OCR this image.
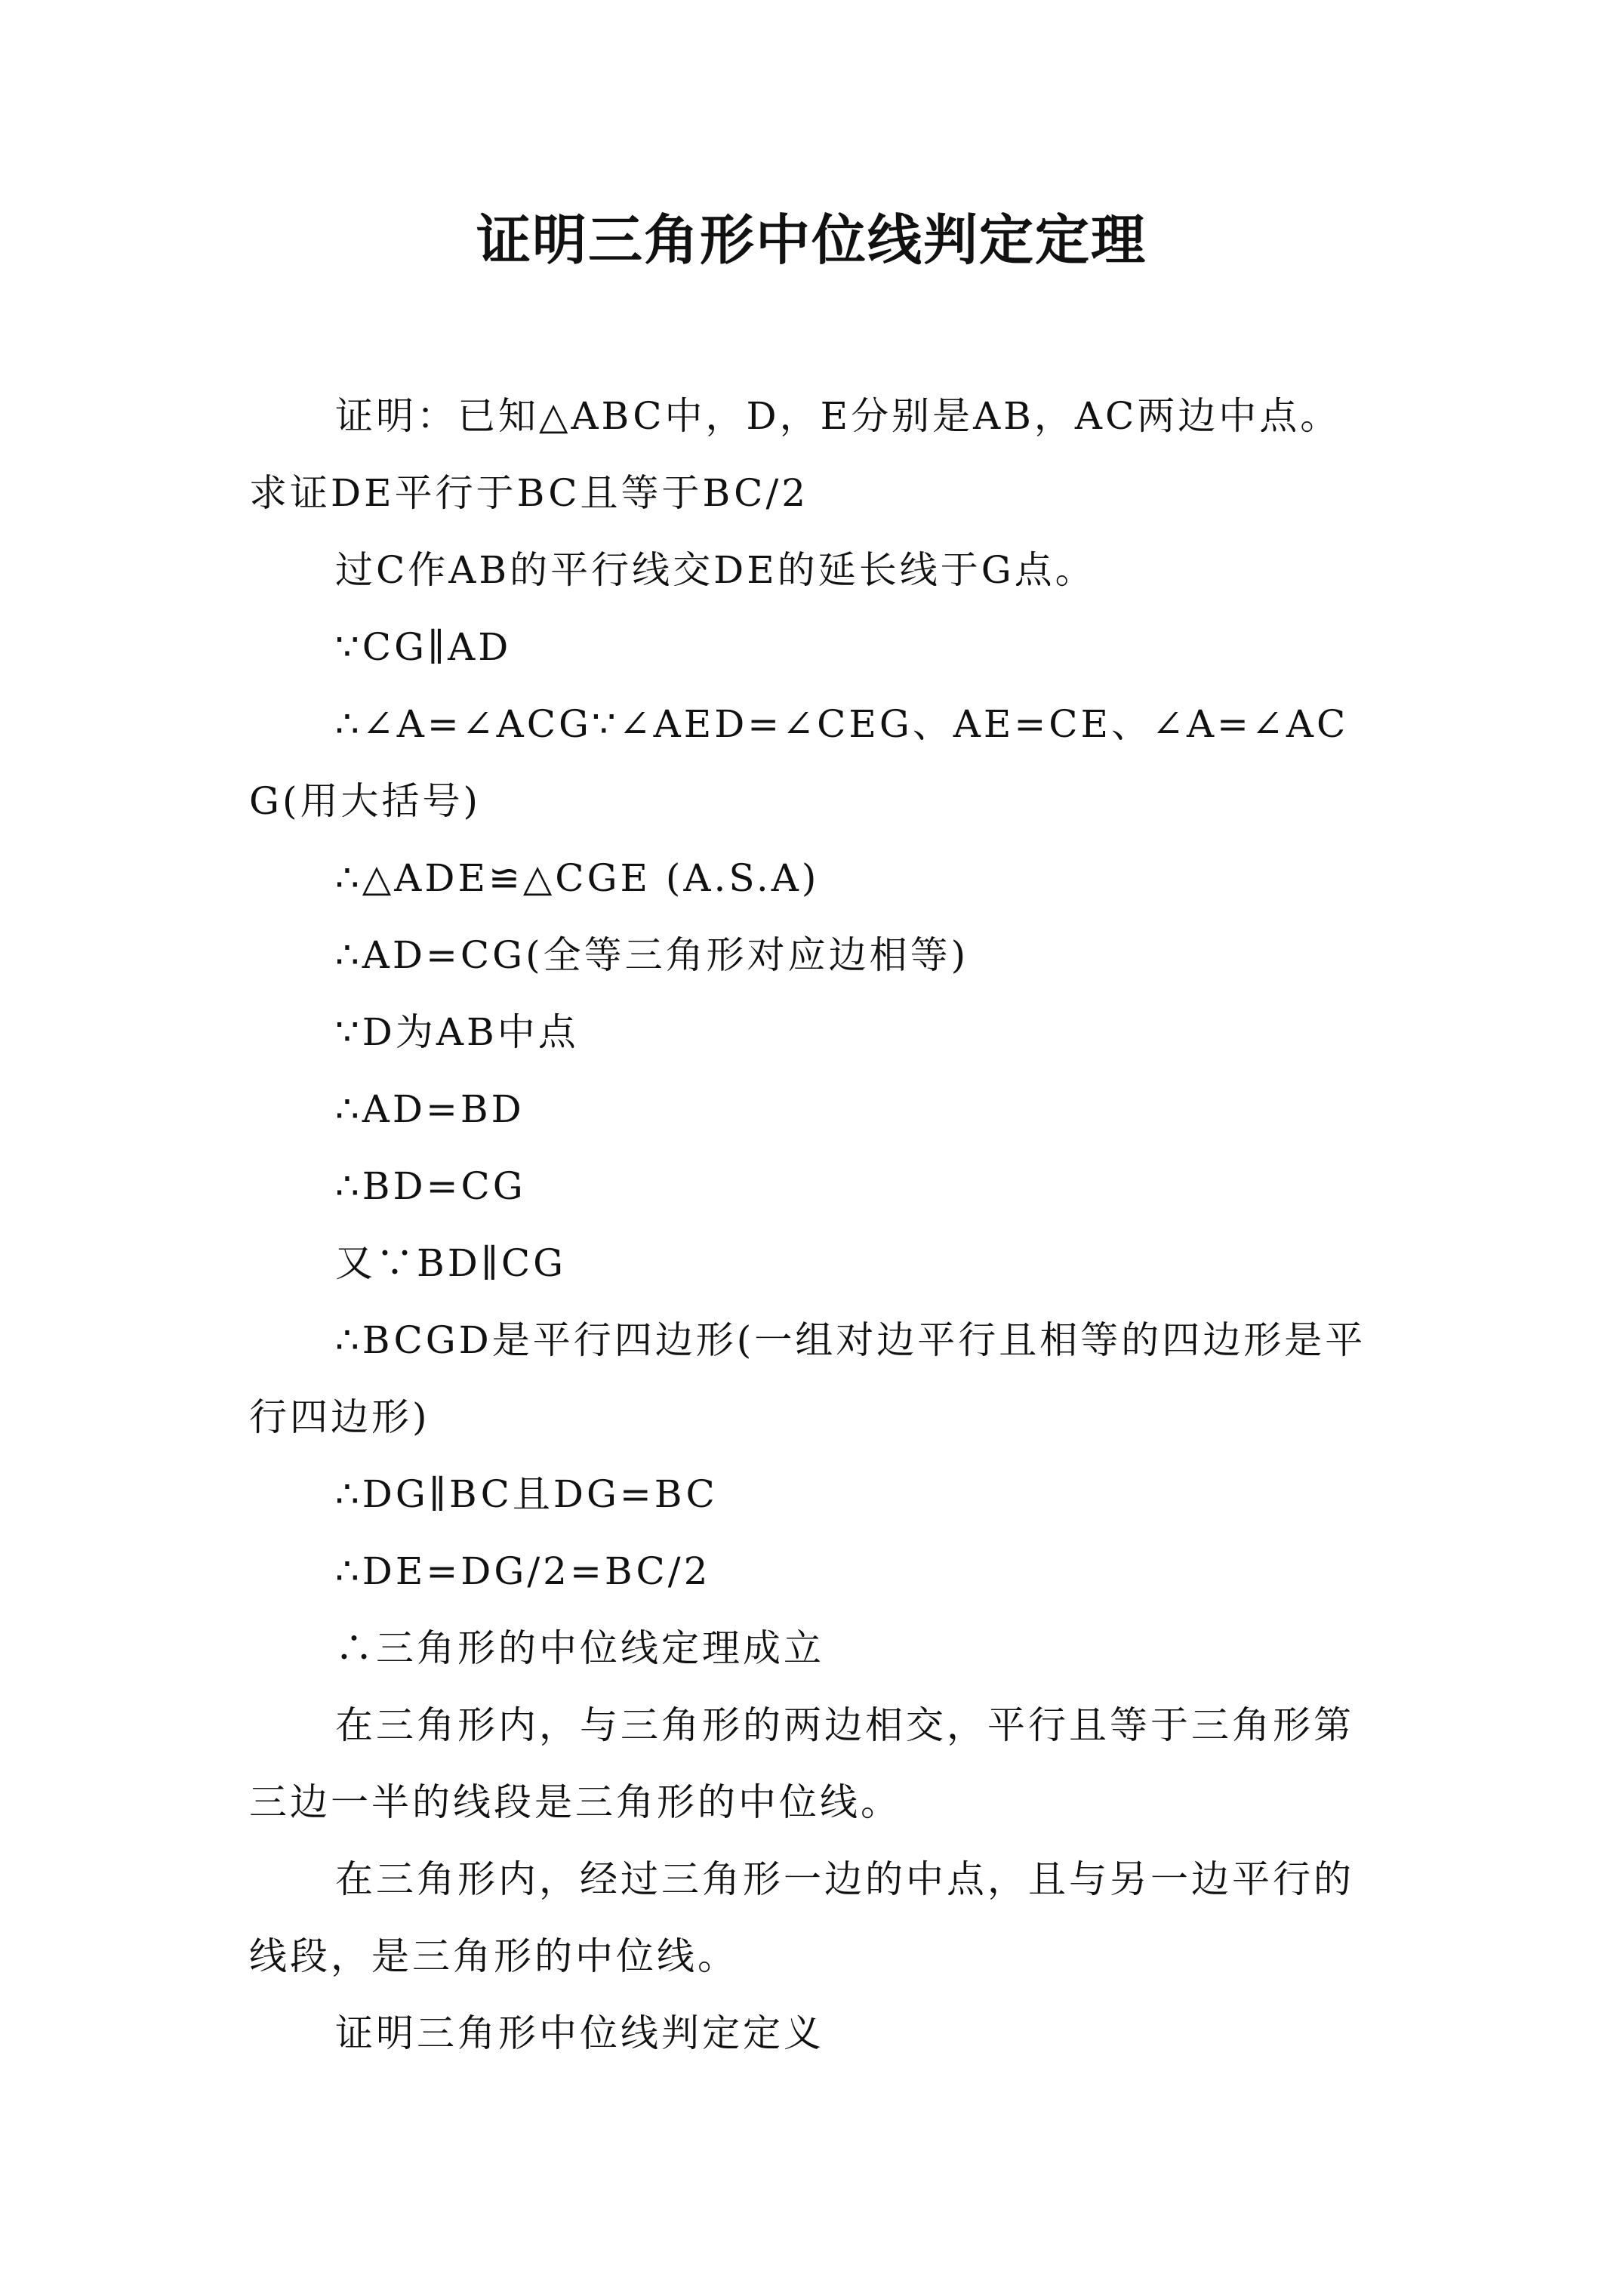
证明三角形中位线判定定理

证明：已知△ABC中，D，E分别是AB，AC两边中点。求证DE平行于BC且等于BC/2

过C作AB的平行线交DE的延长线于G点。

∵CG∥AD

∴∠A=∠ACG∵∠AED=∠CEG、AE=CE、∠A=∠ACG(用大括号)

∴△ADE≌△CGE (A.S.A)

∴AD=CG(全等三角形对应边相等)

∵D为AB中点

∴AD=BD

∴BD=CG

又∵BD∥CG

∴BCGD是平行四边形(一组对边平行且相等的四边形是平行四边形)

∴DG∥BC且DG=BC

∴DE=DG/2=BC/2

∴三角形的中位线定理成立

在三角形内，与三角形的两边相交，平行且等于三角形第三边一半的线段是三角形的中位线。

在三角形内，经过三角形一边的中点，且与另一边平行的线段，是三角形的中位线。

证明三角形中位线判定定义
